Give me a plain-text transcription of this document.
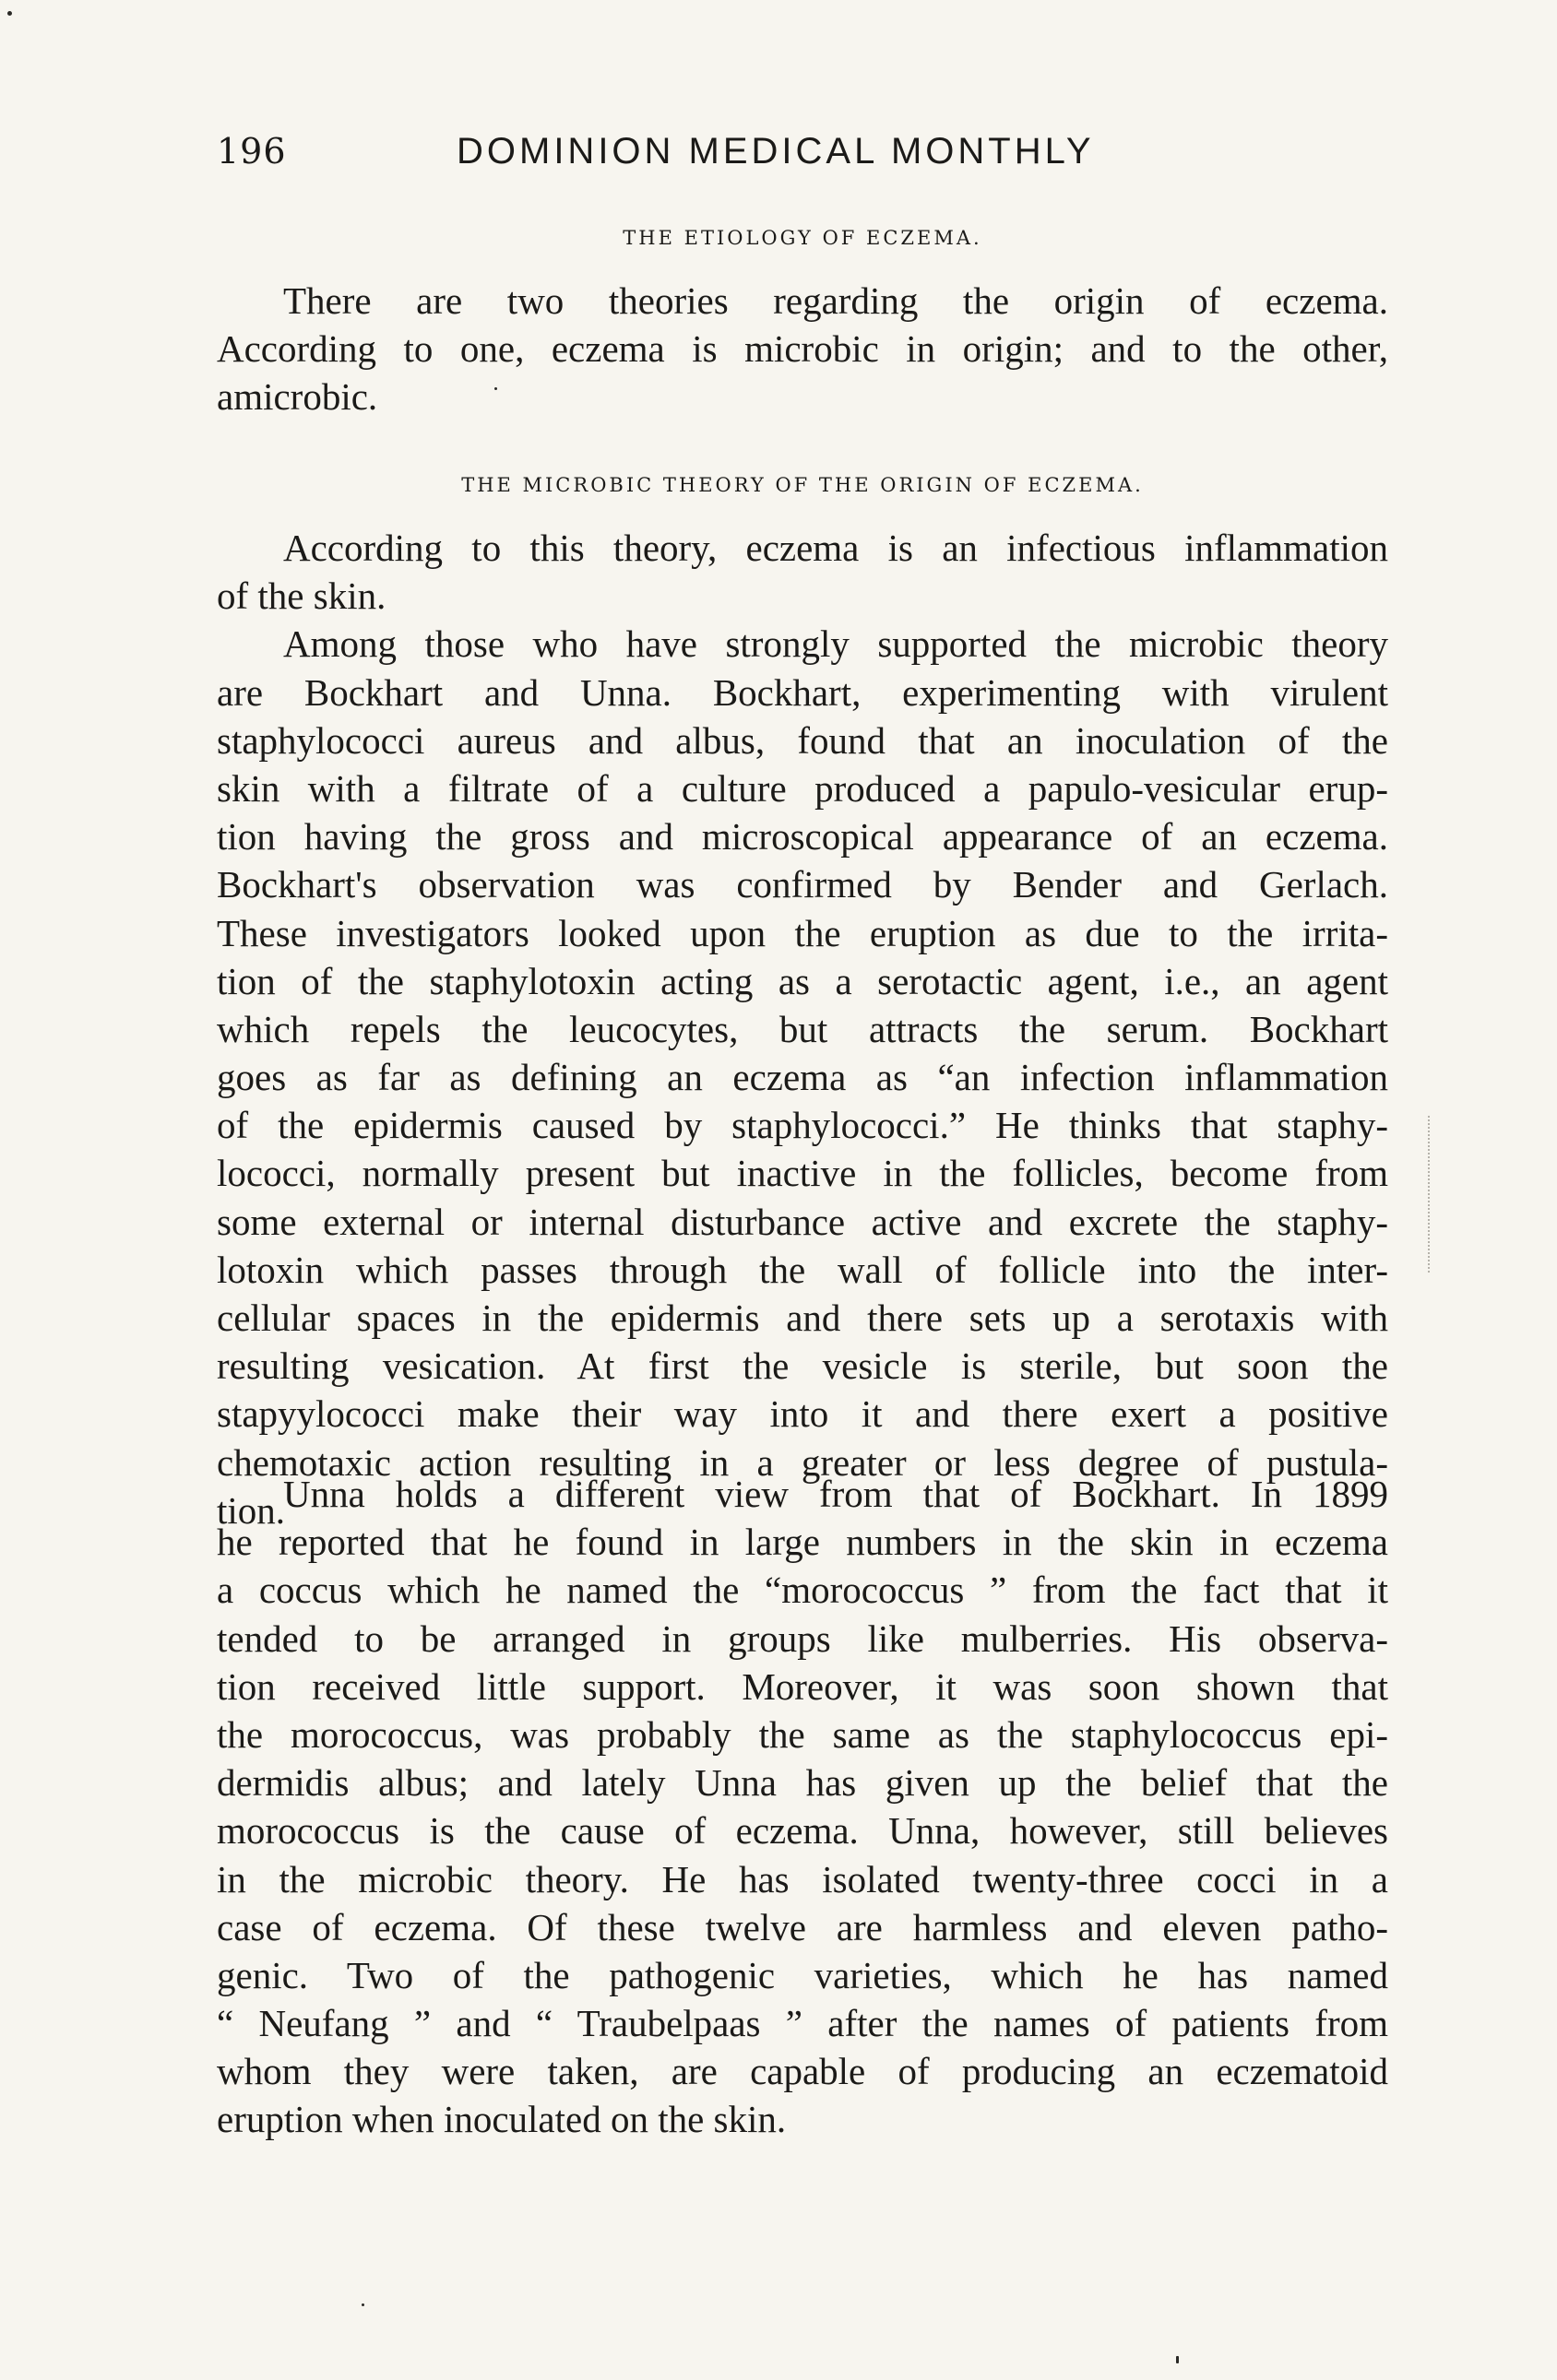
196	DOMINION MEDICAL MONTHLY
THE ETIOLOGY OF ECZEMA.
There are two theories regarding the origin of eczema.
According to one, eczema is microbic in origin; and to the other,
amicrobic.
THE MICROBIC THEORY OF THE ORIGIN OF ECZEMA.
According to this theory, eczema is an infectious inflammation
of the skin.
Among those who have strongly supported the microbic theory
are Bockhart and Unna. Bockhart, experimenting with virulent
staphylococci aureus and albus, found that an inoculation of the
skin with a filtrate of a culture produced a papulo-vesicular erup-
tion having the gross and microscopical appearance of an eczema.
Bockhart's observation was confirmed by Bender and Gerlach.
These investigators looked upon the eruption as due to the irrita-
tion of the staphylotoxin acting as a serotactic agent, i.e., an agent
which repels the leucocytes, but attracts the serum. Bockhart
goes as far as defining an eczema as “an infection inflammation
of the epidermis caused by staphylococci.” He thinks that staphy-
lococci, normally present but inactive in the follicles, become from
some external or internal disturbance active and excrete the staphy-
lotoxin which passes through the wall of follicle into the inter-
cellular spaces in the epidermis and there sets up a serotaxis with
resulting vesication. At first the vesicle is sterile, but soon the
stapyylococci make their way into it and there exert a positive
chemotaxic action resulting in a greater or less degree of pustula-
tion.
Unna holds a different view from that of Bockhart. In 1899
he reported that he found in large numbers in the skin in eczema
a coccus which he named the “morococcus ” from the fact that it
tended to be arranged in groups like mulberries. His observa-
tion received little support. Moreover, it was soon shown that
the morococcus, was probably the same as the staphylococcus epi-
dermidis albus; and lately Unna has given up the belief that the
morococcus is the cause of eczema. Unna, however, still believes
in the microbic theory. He has isolated twenty-three cocci in a
case of eczema. Of these twelve are harmless and eleven patho-
genic. Two of the pathogenic varieties, which he has named
“ Neufang ” and “ Traubelpaas ” after the names of patients from
whom they were taken, are capable of producing an eczematoid
eruption when inoculated on the skin.
